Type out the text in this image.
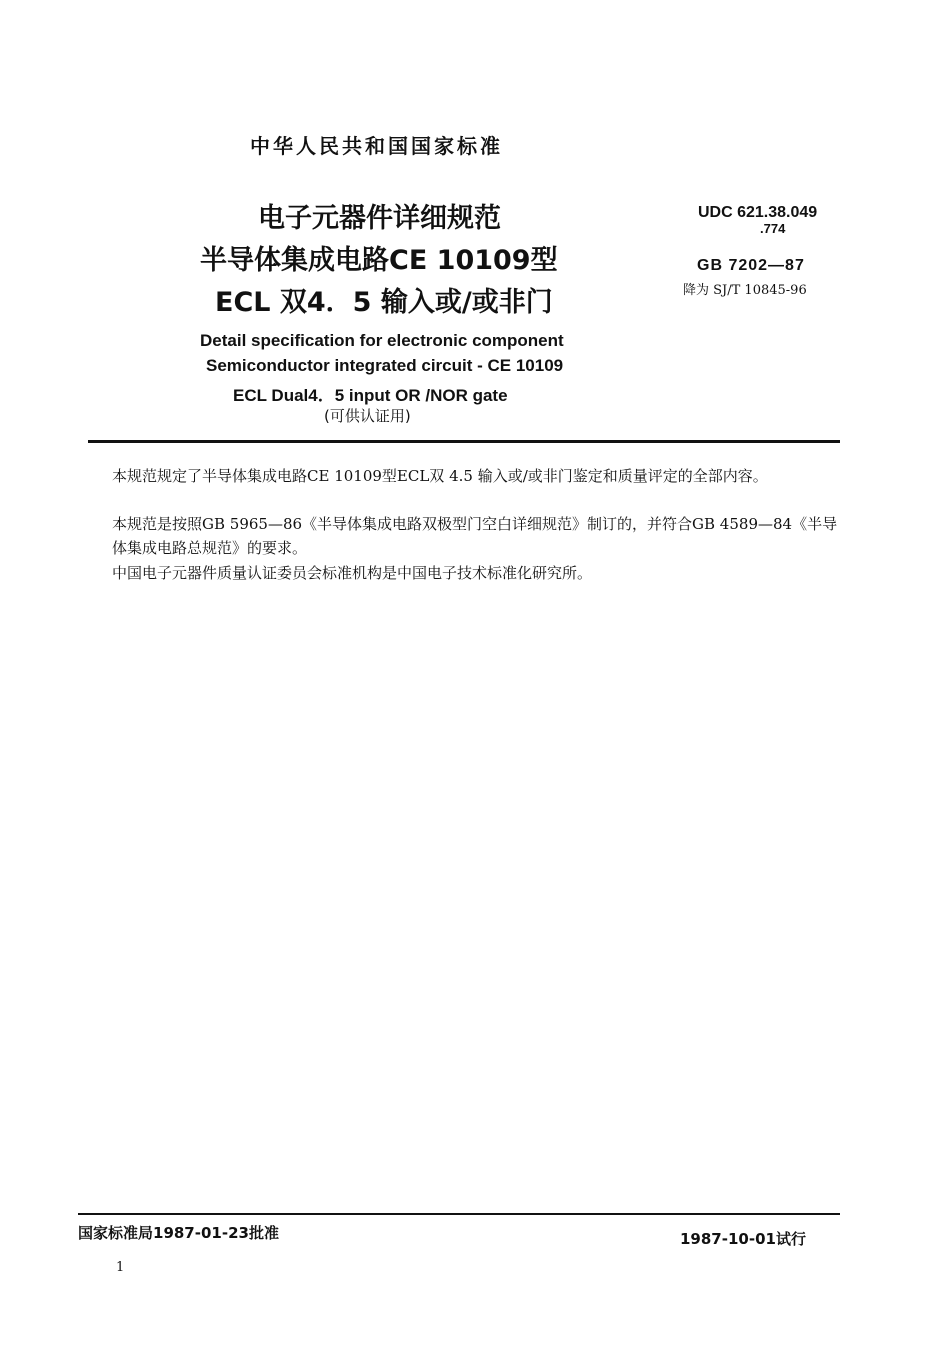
中华人民共和国国家标准
电子元器件详细规范
半导体集成电路CE 10109型
ECL 双4．5 输入或/或非门
Detail specification for electronic component
Semiconductor integrated circuit - CE 10109
ECL Dual4．5 input OR /NOR gate
(可供认证用)
UDC 621.38.049
.774
GB 7202—87
降为 SJ/T 10845-96
本规范规定了半导体集成电路CE 10109型ECL双 4.5 输入或/或非门鉴定和质量评定的全部内容。
本规范是按照GB 5965—86《半导体集成电路双极型门空白详细规范》制订的，并符合GB 4589—84《半导体集成电路总规范》的要求。
中国电子元器件质量认证委员会标准机构是中国电子技术标准化研究所。
国家标准局1987-01-23批准	1987-10-01试行
1
